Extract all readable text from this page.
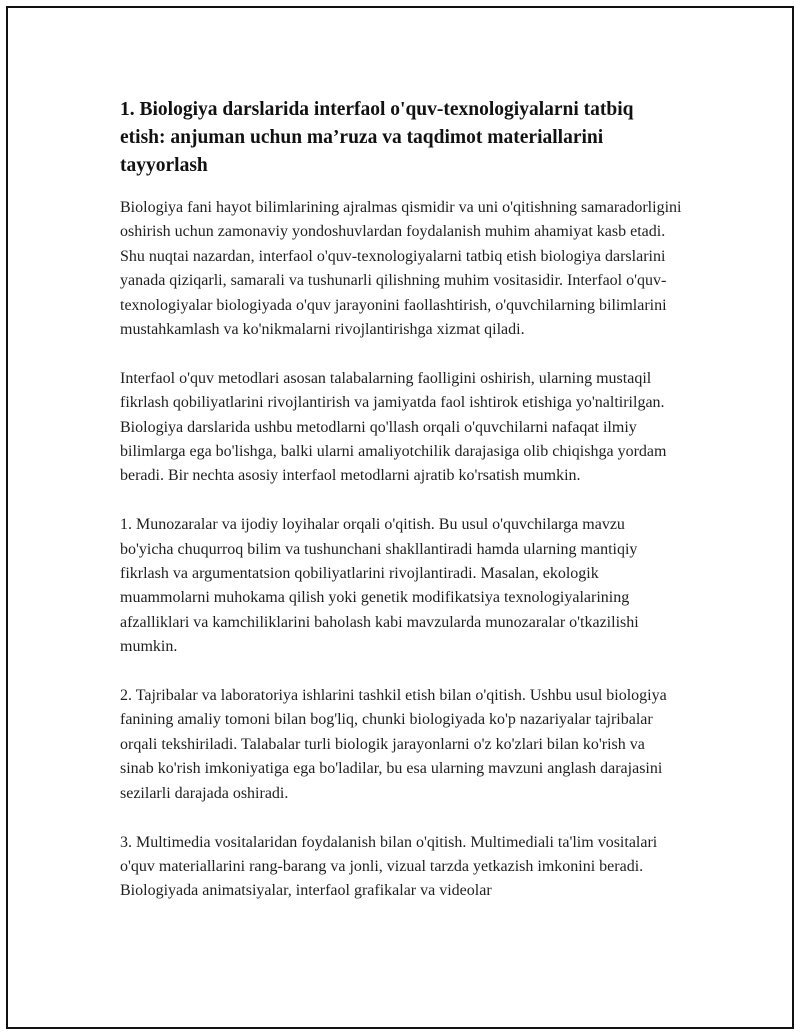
1. Biologiya darslarida interfaol o'quv-texnologiyalarni tatbiq etish: anjuman uchun ma’ruza va taqdimot materiallarini tayyorlash

Biologiya fani hayot bilimlarining ajralmas qismidir va uni o'qitishning samaradorligini oshirish uchun zamonaviy yondoshuvlardan foydalanish muhim ahamiyat kasb etadi. Shu nuqtai nazardan, interfaol o'quv-texnologiyalarni tatbiq etish biologiya darslarini yanada qiziqarli, samarali va tushunarli qilishning muhim vositasidir. Interfaol o'quv-texnologiyalar biologiyada o'quv jarayonini faollashtirish, o'quvchilarning bilimlarini mustahkamlash va ko'nikmalarni rivojlantirishga xizmat qiladi.

Interfaol o'quv metodlari asosan talabalarning faolligini oshirish, ularning mustaqil fikrlash qobiliyatlarini rivojlantirish va jamiyatda faol ishtirok etishiga yo'naltirilgan. Biologiya darslarida ushbu metodlarni qo'llash orqali o'quvchilarni nafaqat ilmiy bilimlarga ega bo'lishga, balki ularni amaliyotchilik darajasiga olib chiqishga yordam beradi. Bir nechta asosiy interfaol metodlarni ajratib ko'rsatish mumkin.

1. Munozaralar va ijodiy loyihalar orqali o'qitish. Bu usul o'quvchilarga mavzu bo'yicha chuqurroq bilim va tushunchani shakllantiradi hamda ularning mantiqiy fikrlash va argumentatsion qobiliyatlarini rivojlantiradi. Masalan, ekologik muammolarni muhokama qilish yoki genetik modifikatsiya texnologiyalarining afzalliklari va kamchiliklarini baholash kabi mavzularda munozaralar o'tkazilishi mumkin.

2. Tajribalar va laboratoriya ishlarini tashkil etish bilan o'qitish. Ushbu usul biologiya fanining amaliy tomoni bilan bog'liq, chunki biologiyada ko'p nazariyalar tajribalar orqali tekshiriladi. Talabalar turli biologik jarayonlarni o'z ko'zlari bilan ko'rish va sinab ko'rish imkoniyatiga ega bo'ladilar, bu esa ularning mavzuni anglash darajasini sezilarli darajada oshiradi.

3. Multimedia vositalaridan foydalanish bilan o'qitish. Multimediali ta'lim vositalari o'quv materiallarini rang-barang va jonli, vizual tarzda yetkazish imkonini beradi. Biologiyada animatsiyalar, interfaol grafikalar va videolar
